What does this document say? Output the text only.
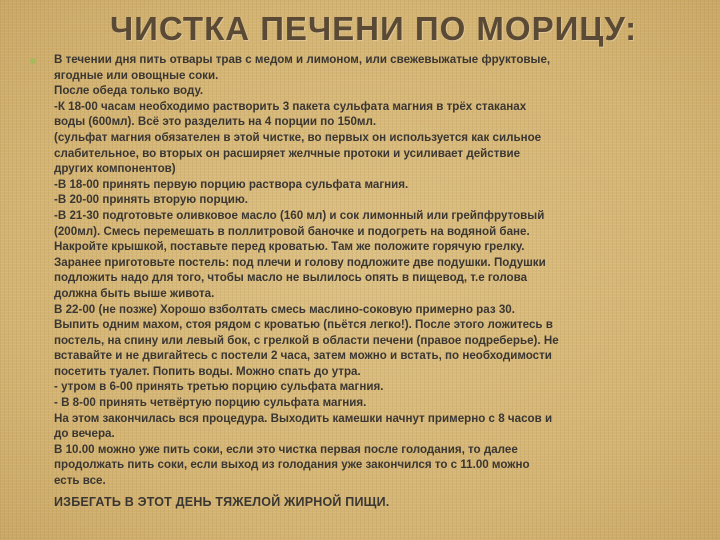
ЧИСТКА ПЕЧЕНИ ПО МОРИЦУ:
В течении дня пить отвары трав с медом и лимоном, или свежевыжатые фруктовые,
ягодные или овощные соки.
После обеда только воду.
-К 18-00 часам необходимо растворить 3 пакета сульфата магния в трёх стаканах
воды (600мл). Всё это разделить на 4 порции по 150мл.
(сульфат магния обязателен в этой чистке, во первых он используется как сильное
слабительное, во вторых он расширяет желчные протоки и усиливает действие
других компонентов)
-В 18-00 принять первую порцию раствора сульфата магния.
-В 20-00 принять вторую порцию.
-В 21-30 подготовьте оливковое масло (160 мл) и сок лимонный или грейпфрутовый
(200мл). Смесь перемешать в поллитровой баночке и подогреть на водяной бане.
Накройте крышкой, поставьте перед кроватью. Там же положите горячую грелку.
Заранее приготовьте постель: под плечи и голову подложите две подушки. Подушки
подложить надо для того, чтобы масло не вылилось опять в пищевод, т.е голова
должна быть выше живота.
В 22-00 (не позже) Хорошо взболтать смесь маслино-соковую примерно раз 30.
Выпить одним махом, стоя рядом с кроватью (пьётся легко!). После этого ложитесь в
постель, на спину или левый бок, с грелкой в области печени (правое подреберье). Не
вставайте и не двигайтесь с постели 2 часа, затем можно и встать, по необходимости
посетить туалет. Попить воды. Можно спать до утра.
- утром в 6-00 принять третью порцию сульфата магния.
- В 8-00 принять четвёртую порцию сульфата магния.
На этом закончилась вся процедура. Выходить камешки начнут примерно с 8 часов и
до вечера.
В 10.00 можно уже пить соки, если это чистка первая после голодания, то далее
продолжать пить соки, если выход из голодания уже закончился то с 11.00 можно
есть все.
ИЗБЕГАТЬ В ЭТОТ ДЕНЬ ТЯЖЕЛОЙ ЖИРНОЙ ПИЩИ.
